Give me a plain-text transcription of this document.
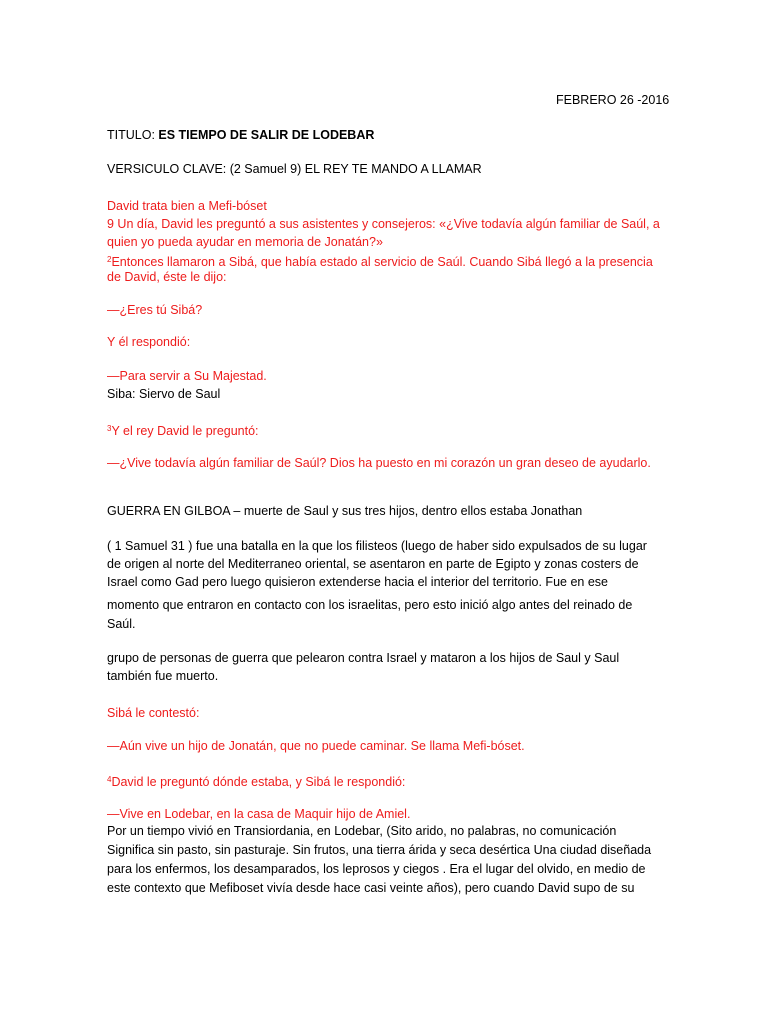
FEBRERO 26 -2016
TITULO: ES TIEMPO DE SALIR DE LODEBAR
VERSICULO CLAVE: (2 Samuel 9) EL REY TE MANDO A LLAMAR
David trata bien a Mefi-bóset
9 Un día, David les preguntó a sus asistentes y consejeros: «¿Vive todavía algún familiar de Saúl, a
quien yo pueda ayudar en memoria de Jonatán?»
$^2$Entonces llamaron a Sibá, que había estado al servicio de Saúl. Cuando Sibá llegó a la presencia
de David, éste le dijo:
—¿Eres tú Sibá?
Y él respondió:
—Para servir a Su Majestad.
Siba: Siervo de Saul
$^3$Y el rey David le preguntó:
—¿Vive todavía algún familiar de Saúl? Dios ha puesto en mi corazón un gran deseo de ayudarlo.
GUERRA EN GILBOA – muerte de Saul y sus tres hijos, dentro ellos estaba Jonathan
( 1 Samuel 31 ) fue una batalla en la que los filisteos (luego de haber sido expulsados de su lugar
de origen al norte del Mediterraneo oriental, se asentaron en parte de Egipto y zonas costers de
Israel como Gad pero luego quisieron extenderse hacia el interior del territorio. Fue en ese
momento que entraron en contacto con los israelitas, pero esto inició algo antes del reinado de
Saúl.
grupo de personas de guerra que pelearon contra Israel y mataron a los hijos de Saul y Saul
también fue muerto.
Sibá le contestó:
—Aún vive un hijo de Jonatán, que no puede caminar. Se llama Mefi-bóset.
$^4$David le preguntó dónde estaba, y Sibá le respondió:
—Vive en Lodebar, en la casa de Maquir hijo de Amiel.
Por un tiempo vivió en Transiordania, en Lodebar, (Sito arido, no palabras, no comunicación
Significa sin pasto, sin pasturaje. Sin frutos, una tierra árida y seca desértica Una ciudad diseñada
para los enfermos, los desamparados, los leprosos y ciegos . Era el lugar del olvido, en medio de
este contexto que Mefiboset vivía desde hace casi veinte años), pero cuando David supo de su
